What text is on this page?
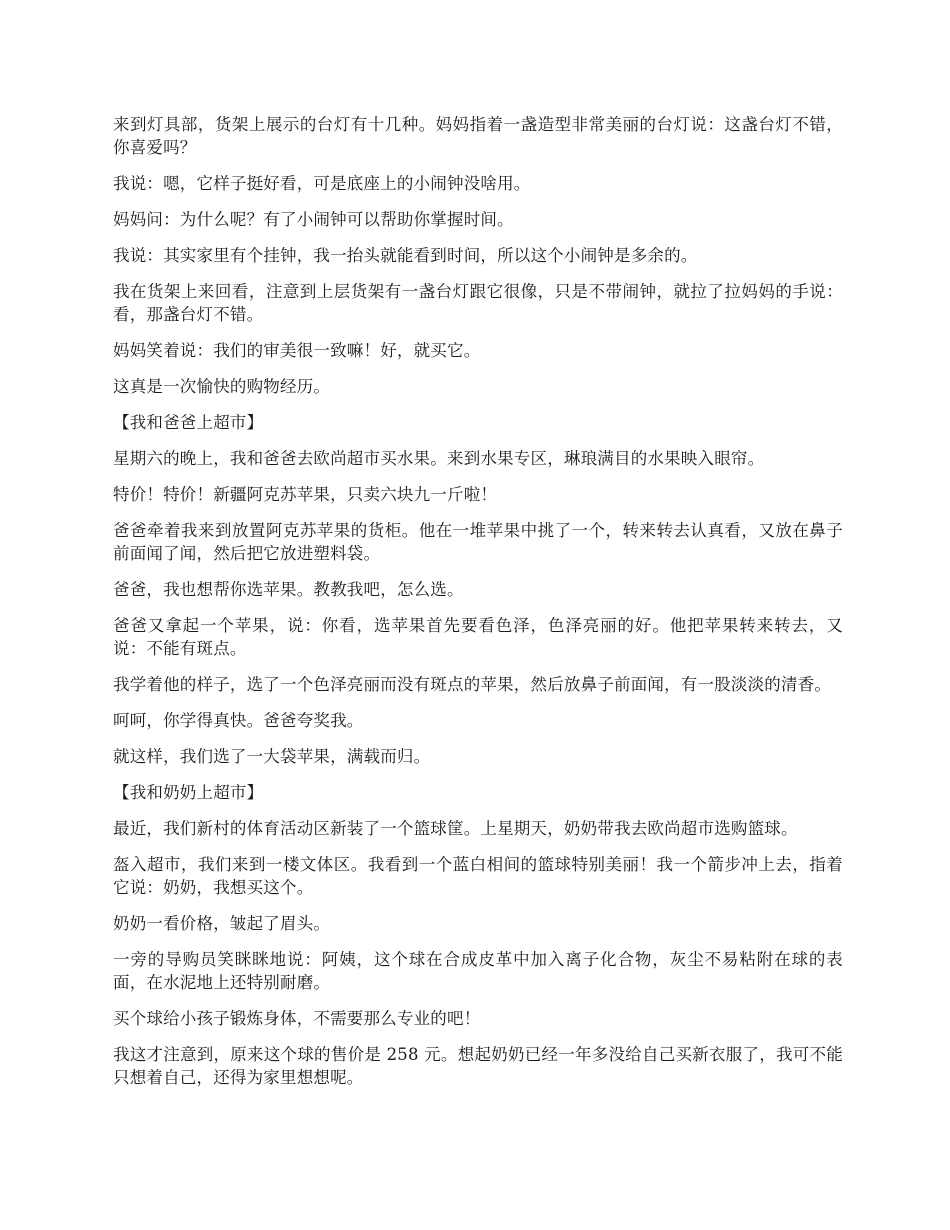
来到灯具部，货架上展示的台灯有十几种。妈妈指着一盏造型非常美丽的台灯说：这盏台灯不错，你喜爱吗？

我说：嗯，它样子挺好看，可是底座上的小闹钟没啥用。

妈妈问：为什么呢？有了小闹钟可以帮助你掌握时间。

我说：其实家里有个挂钟，我一抬头就能看到时间，所以这个小闹钟是多余的。

我在货架上来回看，注意到上层货架有一盏台灯跟它很像，只是不带闹钟，就拉了拉妈妈的手说：看，那盏台灯不错。

妈妈笑着说：我们的审美很一致嘛！好，就买它。

这真是一次愉快的购物经历。

【我和爸爸上超市】

星期六的晚上，我和爸爸去欧尚超市买水果。来到水果专区，琳琅满目的水果映入眼帘。

特价！特价！新疆阿克苏苹果，只卖六块九一斤啦！

爸爸牵着我来到放置阿克苏苹果的货柜。他在一堆苹果中挑了一个，转来转去认真看，又放在鼻子前面闻了闻，然后把它放进塑料袋。

爸爸，我也想帮你选苹果。教教我吧，怎么选。

爸爸又拿起一个苹果，说：你看，选苹果首先要看色泽，色泽亮丽的好。他把苹果转来转去，又说：不能有斑点。

我学着他的样子，选了一个色泽亮丽而没有斑点的苹果，然后放鼻子前面闻，有一股淡淡的清香。

呵呵，你学得真快。爸爸夸奖我。

就这样，我们选了一大袋苹果，满载而归。

【我和奶奶上超市】

最近，我们新村的体育活动区新装了一个篮球筐。上星期天，奶奶带我去欧尚超市选购篮球。

盔入超市，我们来到一楼文体区。我看到一个蓝白相间的篮球特别美丽！我一个箭步冲上去，指着它说：奶奶，我想买这个。

奶奶一看价格，皱起了眉头。

一旁的导购员笑眯眯地说：阿姨，这个球在合成皮革中加入离子化合物，灰尘不易粘附在球的表面，在水泥地上还特别耐磨。

买个球给小孩子锻炼身体，不需要那么专业的吧！

我这才注意到，原来这个球的售价是 258 元。想起奶奶已经一年多没给自己买新衣服了，我可不能只想着自己，还得为家里想想呢。
